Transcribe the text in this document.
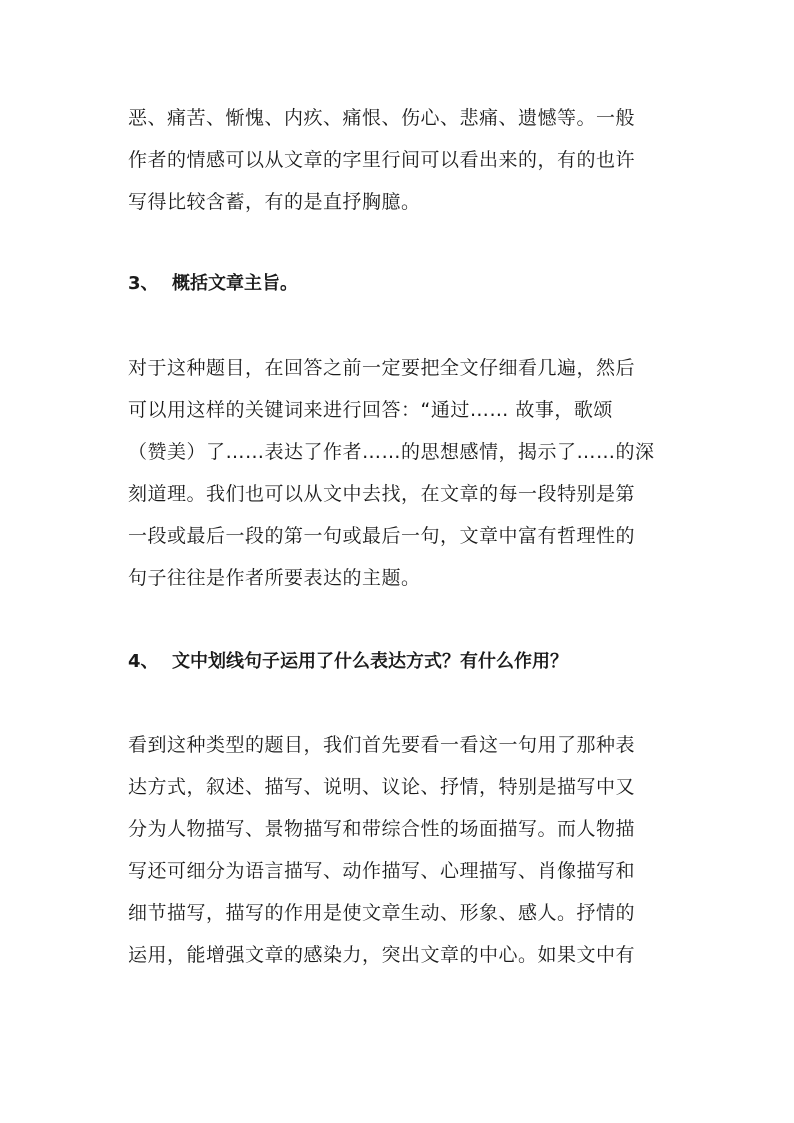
恶、痛苦、惭愧、内疚、痛恨、伤心、悲痛、遗憾等。一般
作者的情感可以从文章的字里行间可以看出来的，有的也许
写得比较含蓄，有的是直抒胸臆。
3、 概括文章主旨。
对于这种题目，在回答之前一定要把全文仔细看几遍，然后
可以用这样的关键词来进行回答：“通过…… 故事，歌颂
（赞美）了……表达了作者……的思想感情，揭示了……的深
刻道理。我们也可以从文中去找，在文章的每一段特别是第
一段或最后一段的第一句或最后一句，文章中富有哲理性的
句子往往是作者所要表达的主题。
4、 文中划线句子运用了什么表达方式？有什么作用？
看到这种类型的题目，我们首先要看一看这一句用了那种表
达方式，叙述、描写、说明、议论、抒情，特别是描写中又
分为人物描写、景物描写和带综合性的场面描写。而人物描
写还可细分为语言描写、动作描写、心理描写、肖像描写和
细节描写，描写的作用是使文章生动、形象、感人。抒情的
运用，能增强文章的感染力，突出文章的中心。如果文中有
